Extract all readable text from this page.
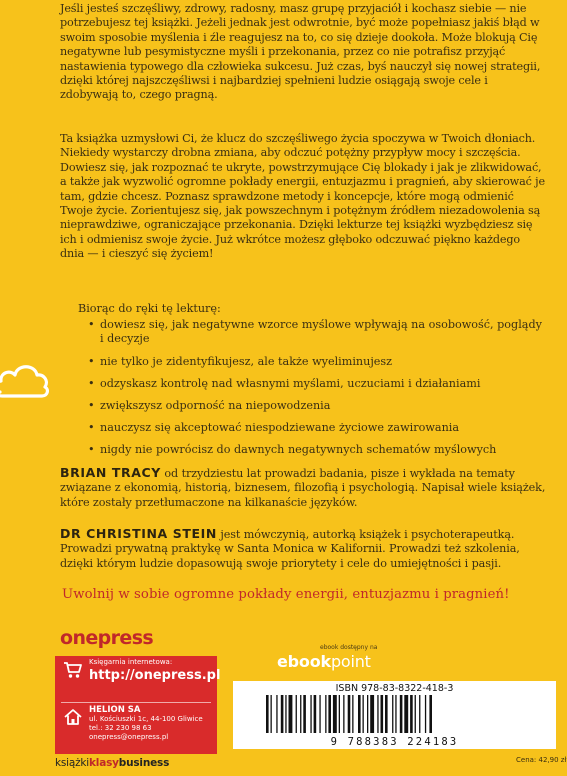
Jeśli jesteś szczęśliwy, zdrowy, radosny, masz grupę przyjaciół i kochasz siebie — nie potrzebujesz tej książki. Jeżeli jednak jest odwrotnie, być może popełniasz jakiś błąd w swoim sposobie myślenia i źle reagujesz na to, co się dzieje dookoła. Może blokują Cię negatywne lub pesymistyczne myśli i przekonania, przez co nie potrafisz przyjąć nastawienia typowego dla człowieka sukcesu. Już czas, byś nauczył się nowej strategii, dzięki której najszczęśliwsi i najbardziej spełnieni ludzie osiągają swoje cele i zdobywają to, czego pragną.

Ta książka uzmysłowi Ci, że klucz do szczęśliwego życia spoczywa w Twoich dłoniach. Niekiedy wystarczy drobna zmiana, aby odczuć potężny przypływ mocy i szczęścia. Dowiesz się, jak rozpoznać te ukryte, powstrzymujące Cię blokady i jak je zlikwidować, a także jak wyzwolić ogromne pokłady energii, entuzjazmu i pragnień, aby skierować je tam, gdzie chcesz. Poznasz sprawdzone metody i koncepcje, które mogą odmienić Twoje życie. Zorientujesz się, jak powszechnym i potężnym źródłem niezadowolenia są nieprawdziwe, ograniczające przekonania. Dzięki lekturze tej książki wyzbędziesz się ich i odmienisz swoje życie. Już wkrótce możesz głęboko odczuwać piękno każdego dnia — i cieszyć się życiem!

Biorąc do ręki tę lekturę:

• dowiesz się, jak negatywne wzorce myślowe wpływają na osobowość, poglądy i decyzje
• nie tylko je zidentyfikujesz, ale także wyeliminujesz
• odzyskasz kontrolę nad własnymi myślami, uczuciami i działaniami
• zwiększysz odporność na niepowodzenia
• nauczysz się akceptować niespodziewane życiowe zawirowania
• nigdy nie powrócisz do dawnych negatywnych schematów myślowych

BRIAN TRACY od trzydziestu lat prowadzi badania, pisze i wykłada na tematy związane z ekonomią, historią, biznesem, filozofią i psychologią. Napisał wiele książek, które zostały przetłumaczone na kilkanaście języków.

DR CHRISTINA STEIN jest mówczynią, autorką książek i psychoterapeutką. Prowadzi prywatną praktykę w Santa Monica w Kalifornii. Prowadzi też szkolenia, dzięki którym ludzie dopasowują swoje priorytety i cele do umiejętności i pasji.

Uwolnij w sobie ogromne pokłady energii, entuzjazmu i pragnień!

onepress
Księgarnia internetowa:
http://onepress.pl
HELION SA
ul. Kościuszki 1c, 44-100 Gliwice
tel.: 32 230 98 63
onepress@onepress.pl
książkiklasybusiness
ebook dostępny na
ebookpoint
ISBN 978-83-8322-418-3
9 788383 224183
Cena: 42,90 zł
